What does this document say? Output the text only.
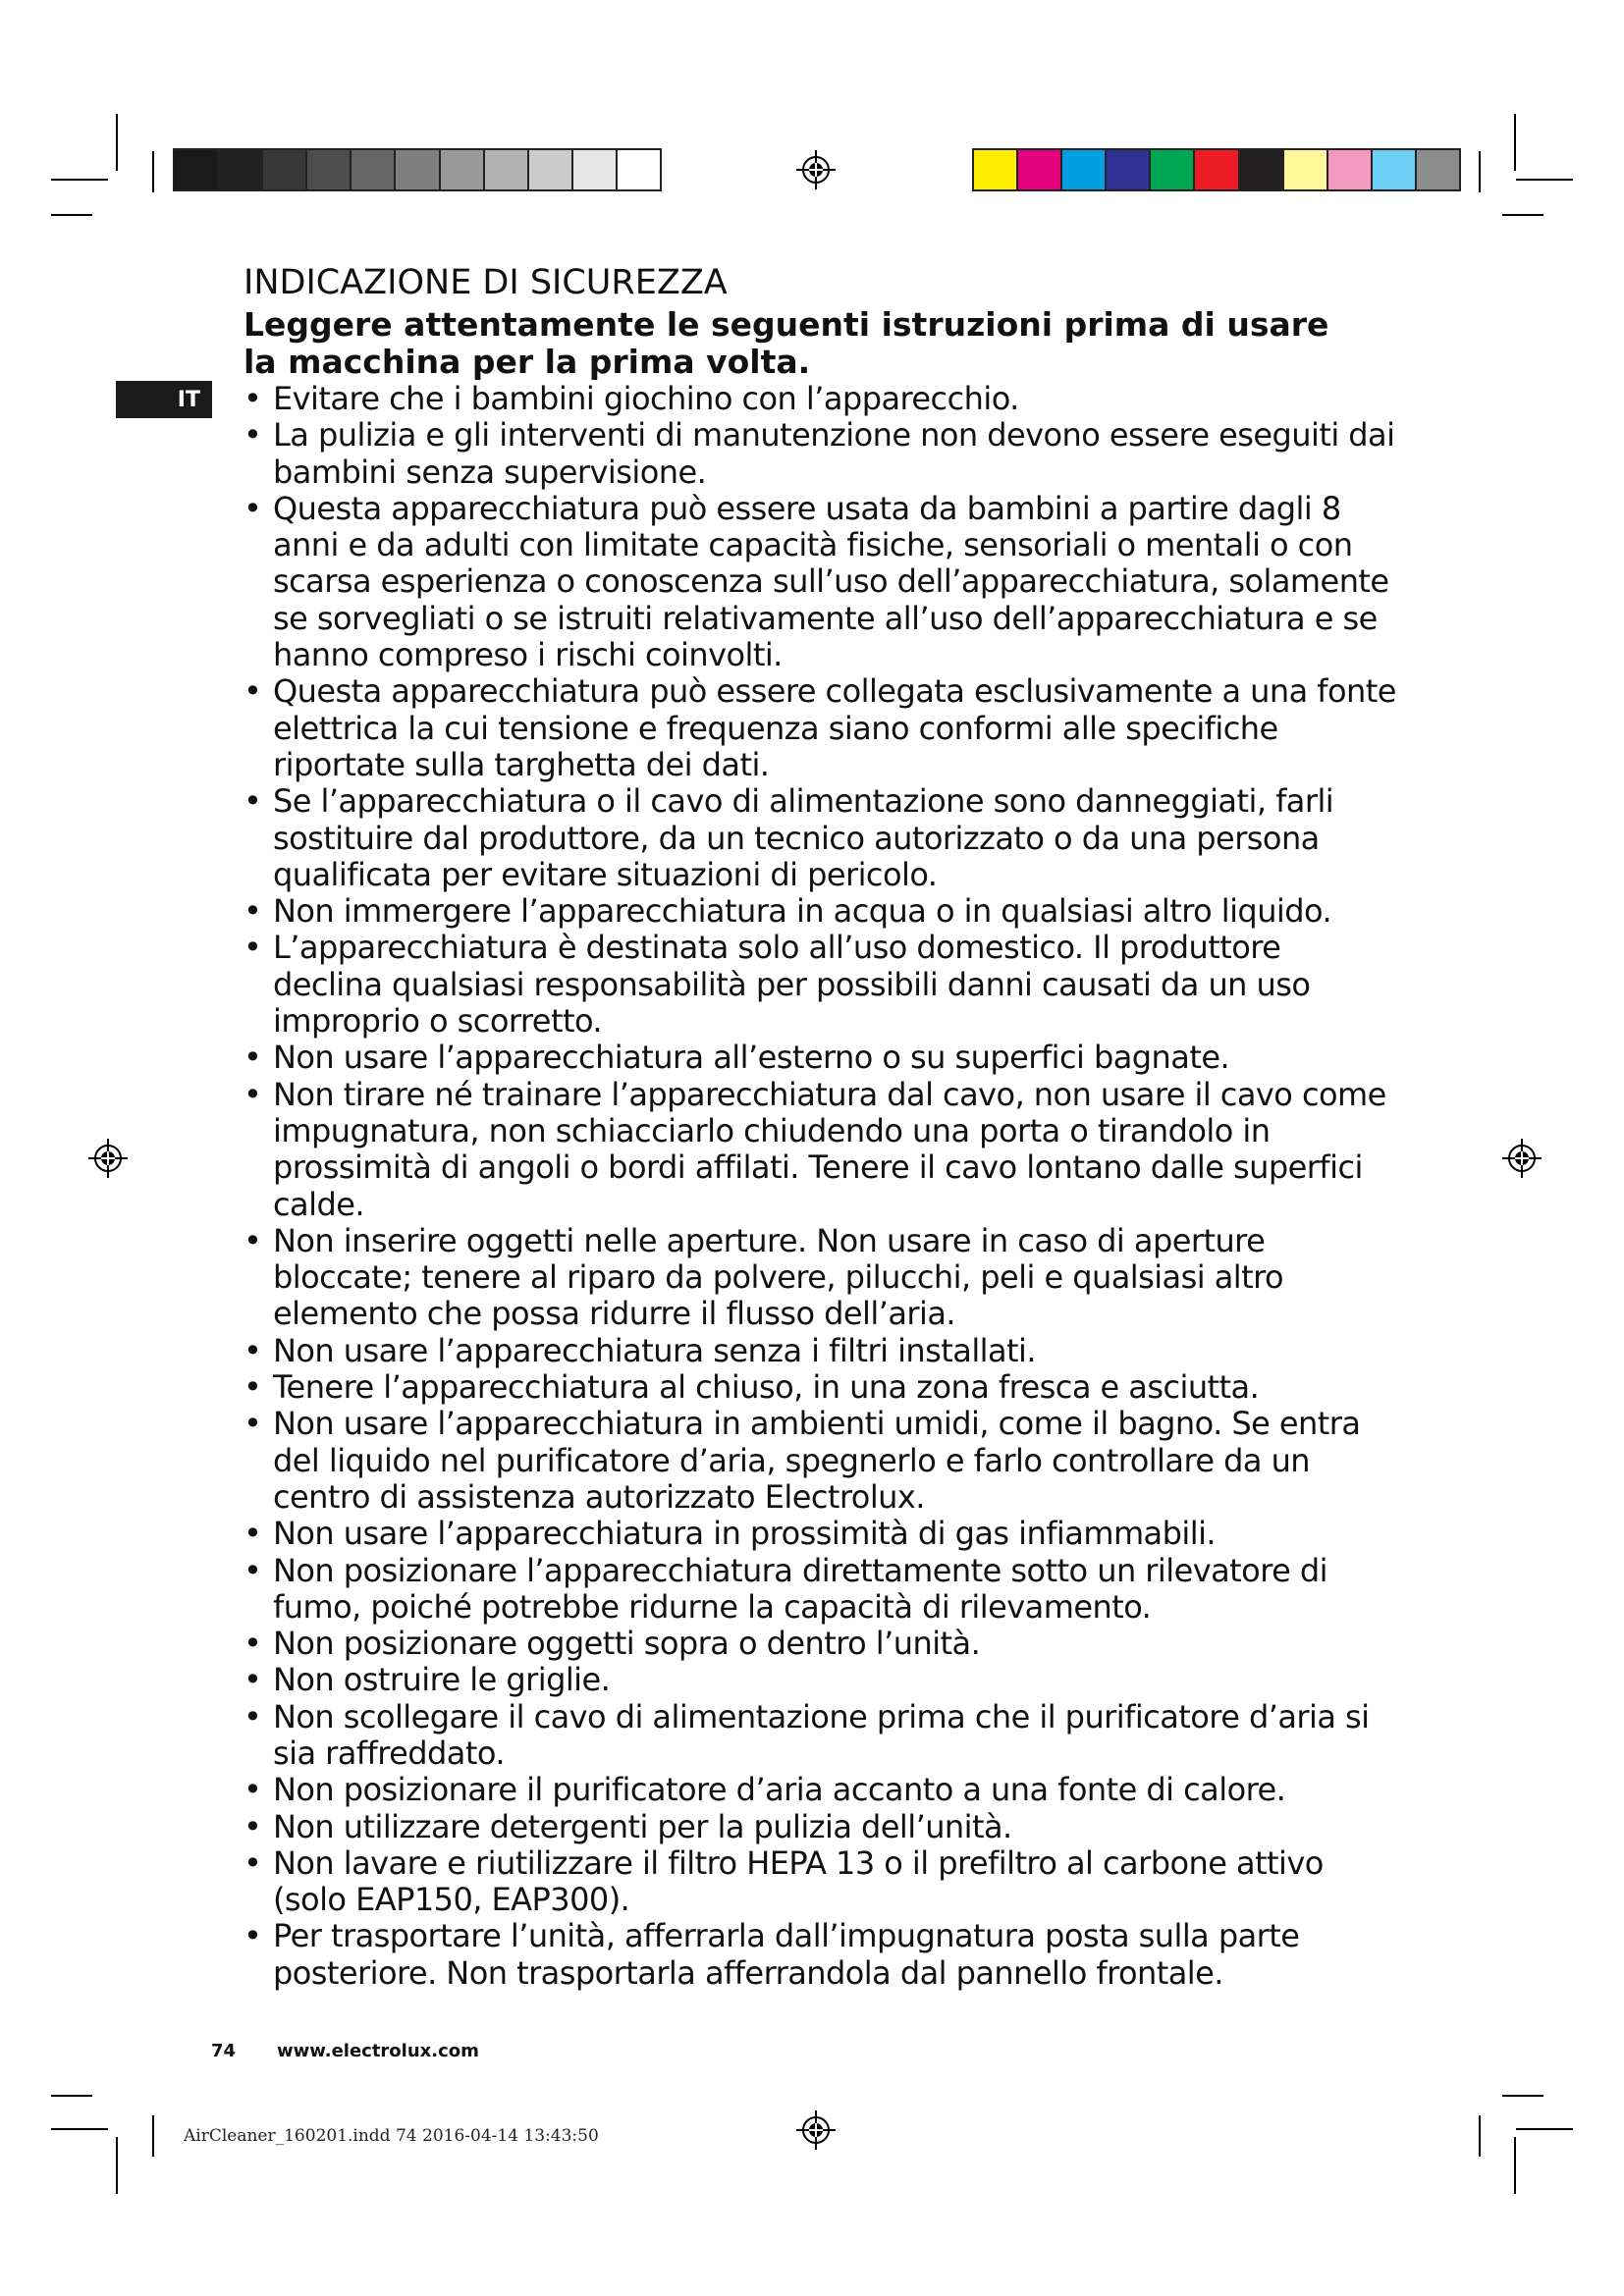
IT
INDICAZIONE DI SICUREZZA

Leggere attentamente le seguenti istruzioni prima di usare la macchina per la prima volta.

• Evitare che i bambini giochino con l’apparecchio.
• La pulizia e gli interventi di manutenzione non devono essere eseguiti dai bambini senza supervisione.
• Questa apparecchiatura può essere usata da bambini a partire dagli 8 anni e da adulti con limitate capacità fisiche, sensoriali o mentali o con scarsa esperienza o conoscenza sull’uso dell’apparecchiatura, solamente se sorvegliati o se istruiti relativamente all’uso dell’apparecchiatura e se hanno compreso i rischi coinvolti.
• Questa apparecchiatura può essere collegata esclusivamente a una fonte elettrica la cui tensione e frequenza siano conformi alle specifiche riportate sulla targhetta dei dati.
• Se l’apparecchiatura o il cavo di alimentazione sono danneggiati, farli sostituire dal produttore, da un tecnico autorizzato o da una persona qualificata per evitare situazioni di pericolo.
• Non immergere l’apparecchiatura in acqua o in qualsiasi altro liquido.
• L’apparecchiatura è destinata solo all’uso domestico. Il produttore declina qualsiasi responsabilità per possibili danni causati da un uso improprio o scorretto.
• Non usare l’apparecchiatura all’esterno o su superfici bagnate.
• Non tirare né trainare l’apparecchiatura dal cavo, non usare il cavo come impugnatura, non schiacciarlo chiudendo una porta o tirandolo in prossimità di angoli o bordi affilati. Tenere il cavo lontano dalle superfici calde.
• Non inserire oggetti nelle aperture. Non usare in caso di aperture bloccate; tenere al riparo da polvere, pilucchi, peli e qualsiasi altro elemento che possa ridurre il flusso dell’aria.
• Non usare l’apparecchiatura senza i filtri installati.
• Tenere l’apparecchiatura al chiuso, in una zona fresca e asciutta.
• Non usare l’apparecchiatura in ambienti umidi, come il bagno. Se entra del liquido nel purificatore d’aria, spegnerlo e farlo controllare da un centro di assistenza autorizzato Electrolux.
• Non usare l’apparecchiatura in prossimità di gas infiammabili.
• Non posizionare l’apparecchiatura direttamente sotto un rilevatore di fumo, poiché potrebbe ridurne la capacità di rilevamento.
• Non posizionare oggetti sopra o dentro l’unità.
• Non ostruire le griglie.
• Non scollegare il cavo di alimentazione prima che il purificatore d’aria si sia raffreddato.
• Non posizionare il purificatore d’aria accanto a una fonte di calore.
• Non utilizzare detergenti per la pulizia dell’unità.
• Non lavare e riutilizzare il filtro HEPA 13 o il prefiltro al carbone attivo (solo EAP150, EAP300).
• Per trasportare l’unità, afferrarla dall’impugnatura posta sulla parte posteriore. Non trasportarla afferrandola dal pannello frontale.
74 www.electrolux.com
AirCleaner_160201.indd 74 2016-04-14 13:43:50
